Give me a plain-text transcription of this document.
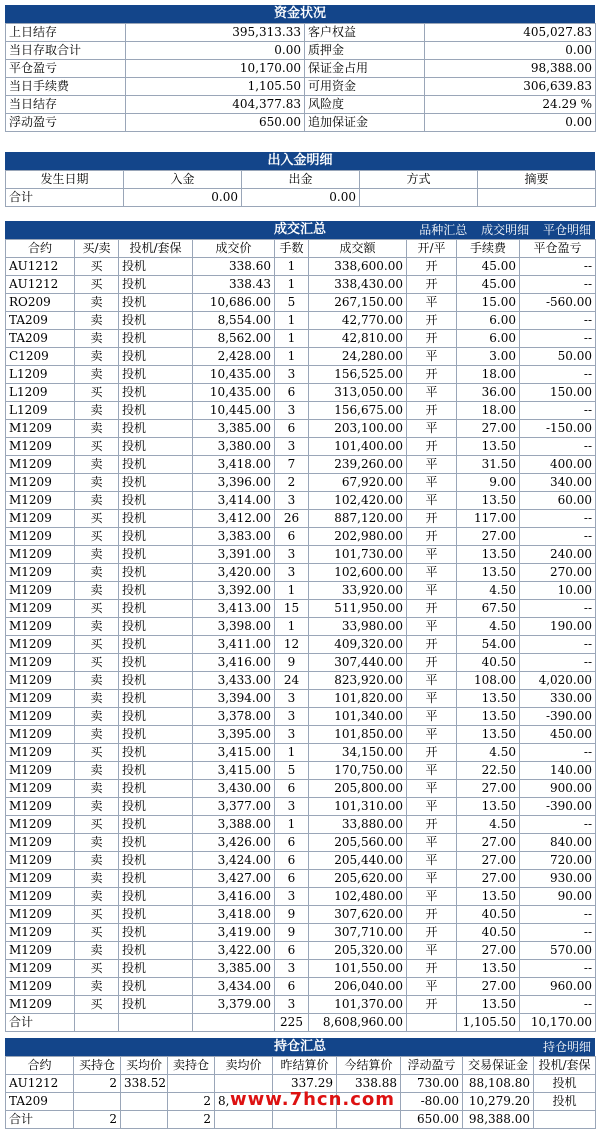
资金状况
上日结存	395,313.33	客户权益	405,027.83
当日存取合计	0.00	质押金	0.00
平仓盈亏	10,170.00	保证金占用	98,388.00
当日手续费	1,105.50	可用资金	306,639.83
当日结存	404,377.83	风险度	24.29 %
浮动盈亏	650.00	追加保证金	0.00
出入金明细
发生日期	入金	出金	方式	摘要
合计	0.00	0.00		
成交汇总	品种汇总 成交明细 平仓明细
合约	买/卖	投机/套保	成交价	手数	成交额	开/平	手续费	平仓盈亏
AU1212	买	投机	338.60	1	338,600.00	开	45.00	--
AU1212	买	投机	338.43	1	338,430.00	开	45.00	--
RO209	卖	投机	10,686.00	5	267,150.00	平	15.00	-560.00
TA209	卖	投机	8,554.00	1	42,770.00	开	6.00	--
TA209	卖	投机	8,562.00	1	42,810.00	开	6.00	--
C1209	卖	投机	2,428.00	1	24,280.00	平	3.00	50.00
L1209	卖	投机	10,435.00	3	156,525.00	开	18.00	--
L1209	买	投机	10,435.00	6	313,050.00	平	36.00	150.00
L1209	卖	投机	10,445.00	3	156,675.00	开	18.00	--
M1209	卖	投机	3,385.00	6	203,100.00	平	27.00	-150.00
M1209	买	投机	3,380.00	3	101,400.00	开	13.50	--
M1209	卖	投机	3,418.00	7	239,260.00	平	31.50	400.00
M1209	卖	投机	3,396.00	2	67,920.00	平	9.00	340.00
M1209	卖	投机	3,414.00	3	102,420.00	平	13.50	60.00
M1209	买	投机	3,412.00	26	887,120.00	开	117.00	--
M1209	买	投机	3,383.00	6	202,980.00	开	27.00	--
M1209	卖	投机	3,391.00	3	101,730.00	平	13.50	240.00
M1209	卖	投机	3,420.00	3	102,600.00	平	13.50	270.00
M1209	卖	投机	3,392.00	1	33,920.00	平	4.50	10.00
M1209	买	投机	3,413.00	15	511,950.00	开	67.50	--
M1209	卖	投机	3,398.00	1	33,980.00	平	4.50	190.00
M1209	买	投机	3,411.00	12	409,320.00	开	54.00	--
M1209	买	投机	3,416.00	9	307,440.00	开	40.50	--
M1209	卖	投机	3,433.00	24	823,920.00	平	108.00	4,020.00
M1209	卖	投机	3,394.00	3	101,820.00	平	13.50	330.00
M1209	卖	投机	3,378.00	3	101,340.00	平	13.50	-390.00
M1209	卖	投机	3,395.00	3	101,850.00	平	13.50	450.00
M1209	买	投机	3,415.00	1	34,150.00	开	4.50	--
M1209	卖	投机	3,415.00	5	170,750.00	平	22.50	140.00
M1209	卖	投机	3,430.00	6	205,800.00	平	27.00	900.00
M1209	卖	投机	3,377.00	3	101,310.00	平	13.50	-390.00
M1209	买	投机	3,388.00	1	33,880.00	开	4.50	--
M1209	卖	投机	3,426.00	6	205,560.00	平	27.00	840.00
M1209	卖	投机	3,424.00	6	205,440.00	平	27.00	720.00
M1209	卖	投机	3,427.00	6	205,620.00	平	27.00	930.00
M1209	卖	投机	3,416.00	3	102,480.00	平	13.50	90.00
M1209	买	投机	3,418.00	9	307,620.00	开	40.50	--
M1209	买	投机	3,419.00	9	307,710.00	开	40.50	--
M1209	卖	投机	3,422.00	6	205,320.00	平	27.00	570.00
M1209	买	投机	3,385.00	3	101,550.00	开	13.50	--
M1209	卖	投机	3,434.00	6	206,040.00	平	27.00	960.00
M1209	买	投机	3,379.00	3	101,370.00	开	13.50	--
合计				225	8,608,960.00		1,105.50	10,170.00
持仓汇总	持仓明细
合约	买持仓	买均价	卖持仓	卖均价	昨结算价	今结算价	浮动盈亏	交易保证金	投机/套保
AU1212	2	338.52			337.29	338.88	730.00	88,108.80	投机
TA209			2	8,			-80.00	10,279.20	投机
合计	2		2				650.00	98,388.00	
www.7hcn.com
